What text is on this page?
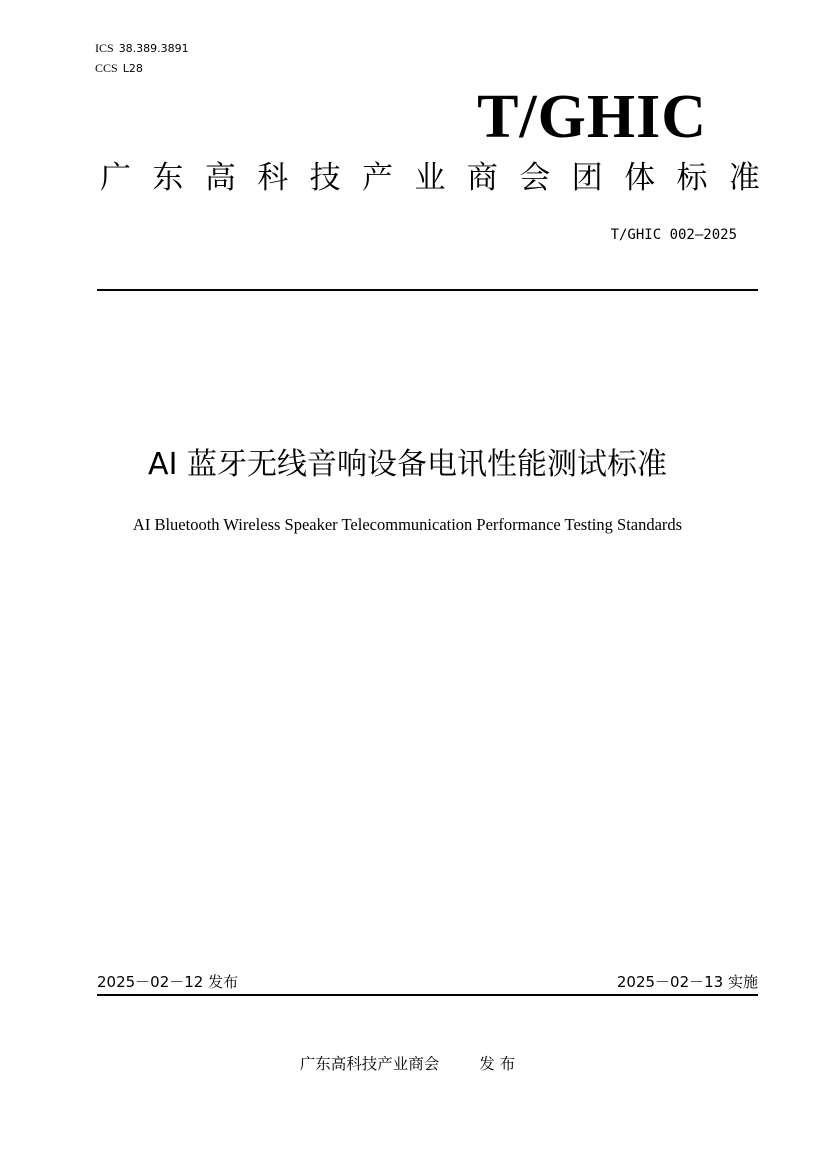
ICS 38.389.3891
CCS L28
T/GHIC
广 东 高 科 技 产 业 商 会 团 体 标 准
T/GHIC 002—2025
AI 蓝牙无线音响设备电讯性能测试标准
AI Bluetooth Wireless Speaker Telecommunication Performance Testing Standards
2025－02－12 发布	2025－02－13 实施
广东高科技产业商会	发 布
